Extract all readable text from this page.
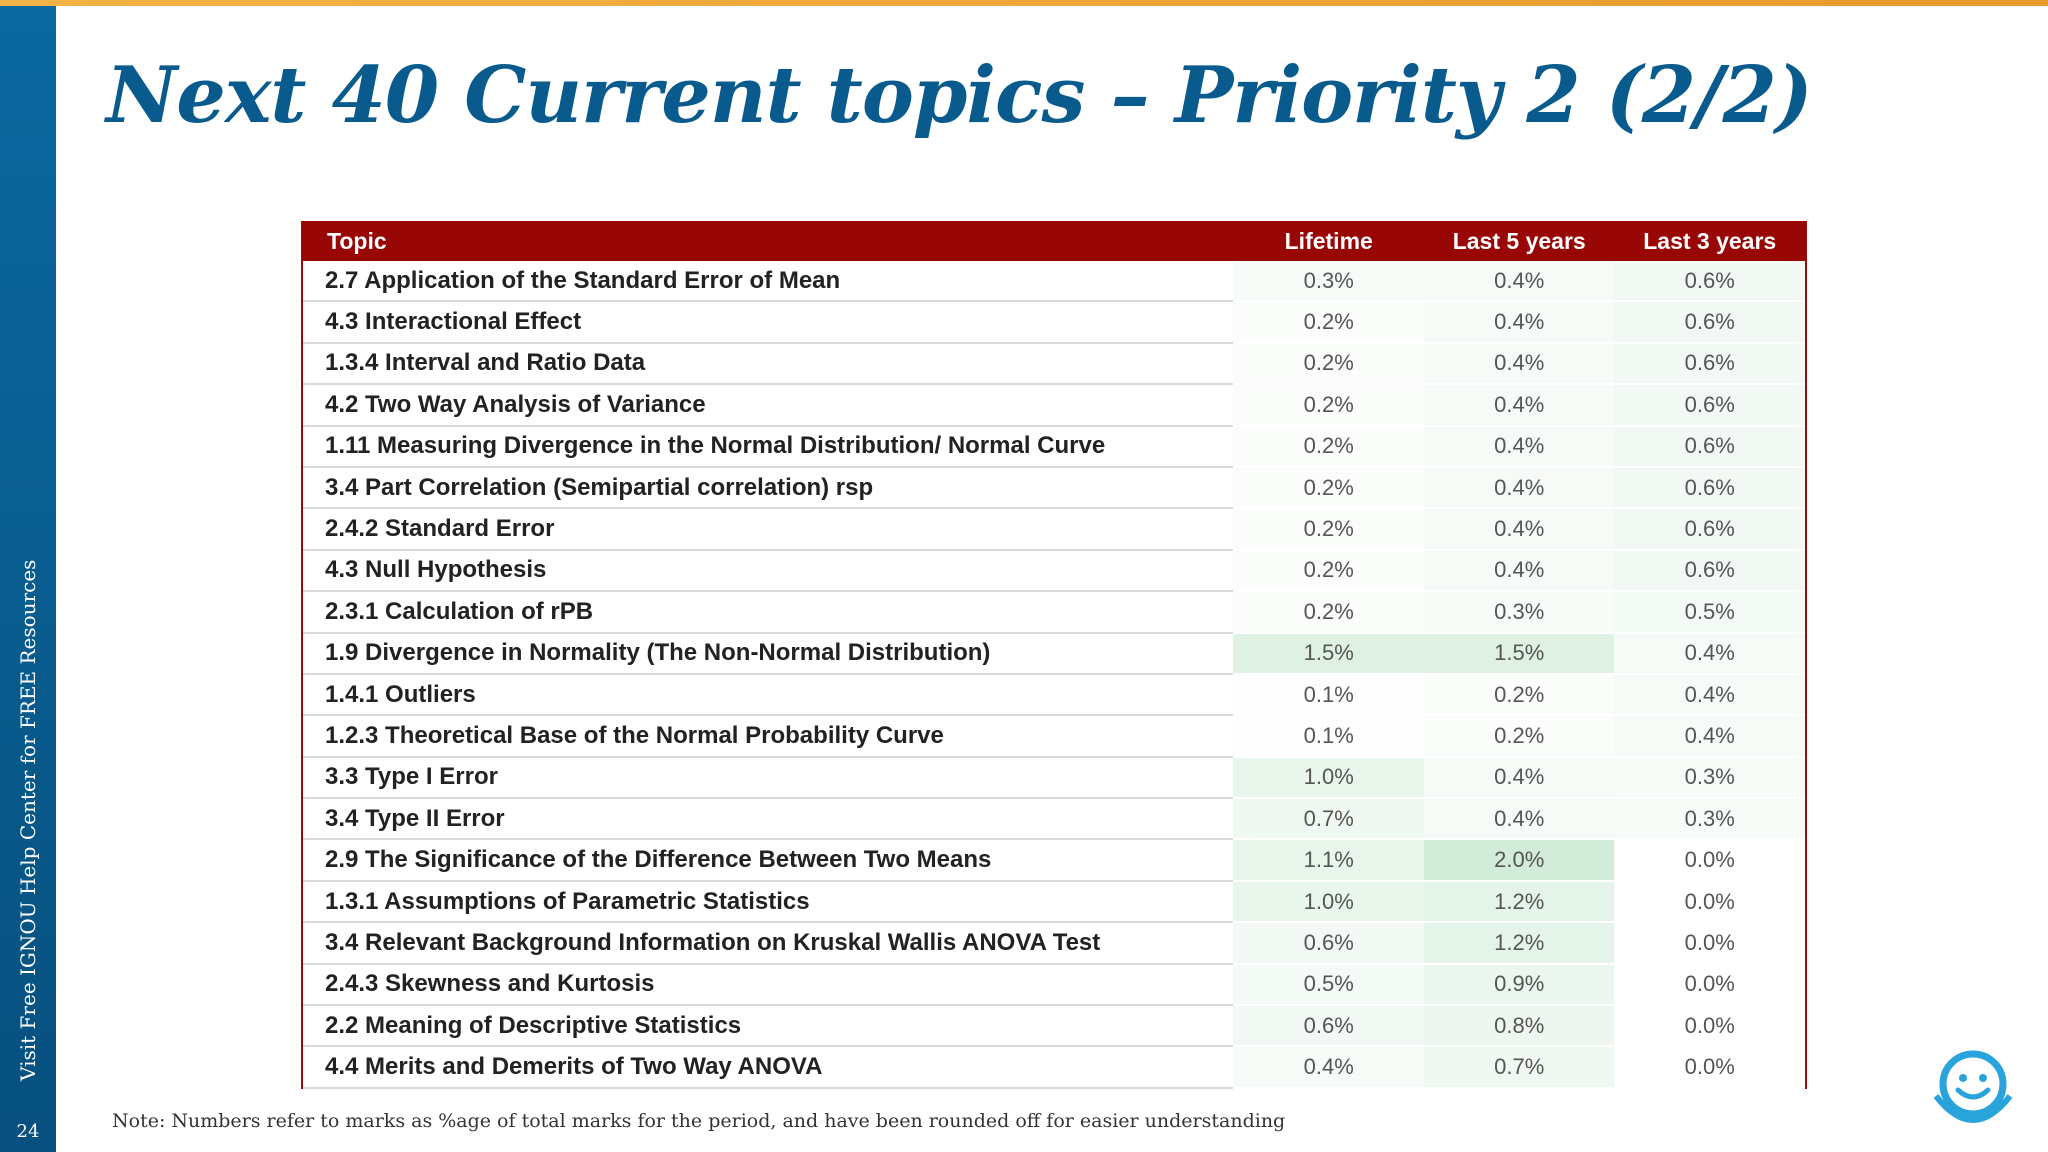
Visit Free IGNOU Help Center for FREE Resources
24
Next 40 Current topics – Priority 2 (2/2)
Topic	Lifetime	Last 5 years	Last 3 years
2.7 Application of the Standard Error of Mean	0.3%	0.4%	0.6%
4.3 Interactional Effect	0.2%	0.4%	0.6%
1.3.4 Interval and Ratio Data	0.2%	0.4%	0.6%
4.2 Two Way Analysis of Variance	0.2%	0.4%	0.6%
1.11 Measuring Divergence in the Normal Distribution/ Normal Curve	0.2%	0.4%	0.6%
3.4 Part Correlation (Semipartial correlation) rsp	0.2%	0.4%	0.6%
2.4.2 Standard Error	0.2%	0.4%	0.6%
4.3 Null Hypothesis	0.2%	0.4%	0.6%
2.3.1 Calculation of rPB	0.2%	0.3%	0.5%
1.9 Divergence in Normality (The Non-Normal Distribution)	1.5%	1.5%	0.4%
1.4.1 Outliers	0.1%	0.2%	0.4%
1.2.3 Theoretical Base of the Normal Probability Curve	0.1%	0.2%	0.4%
3.3 Type I Error	1.0%	0.4%	0.3%
3.4 Type II Error	0.7%	0.4%	0.3%
2.9 The Significance of the Difference Between Two Means	1.1%	2.0%	0.0%
1.3.1 Assumptions of Parametric Statistics	1.0%	1.2%	0.0%
3.4 Relevant Background Information on Kruskal Wallis ANOVA Test	0.6%	1.2%	0.0%
2.4.3 Skewness and Kurtosis	0.5%	0.9%	0.0%
2.2 Meaning of Descriptive Statistics	0.6%	0.8%	0.0%
4.4 Merits and Demerits of Two Way ANOVA	0.4%	0.7%	0.0%
Note: Numbers refer to marks as %age of total marks for the period, and have been rounded off for easier understanding
